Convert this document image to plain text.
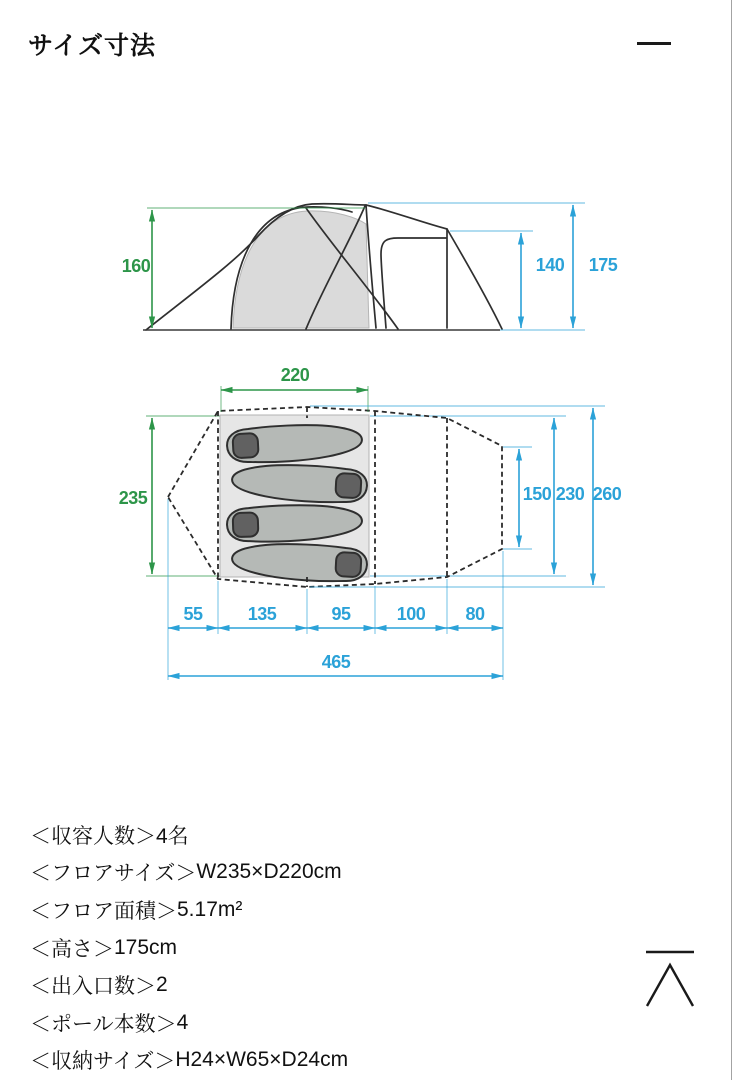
サイズ寸法
160	140 175
220
235	150 230 260
55	135	95	100 80
465
＜収容人数＞ 4名
＜フロアサイズ＞ W235×D220cm
＜フロア面積＞ 5.17m²
＜高さ＞ 175cm
＜出入口数＞ 2
＜ポール本数＞ 4
＜収納サイズ＞ H24×W65×D24cm
